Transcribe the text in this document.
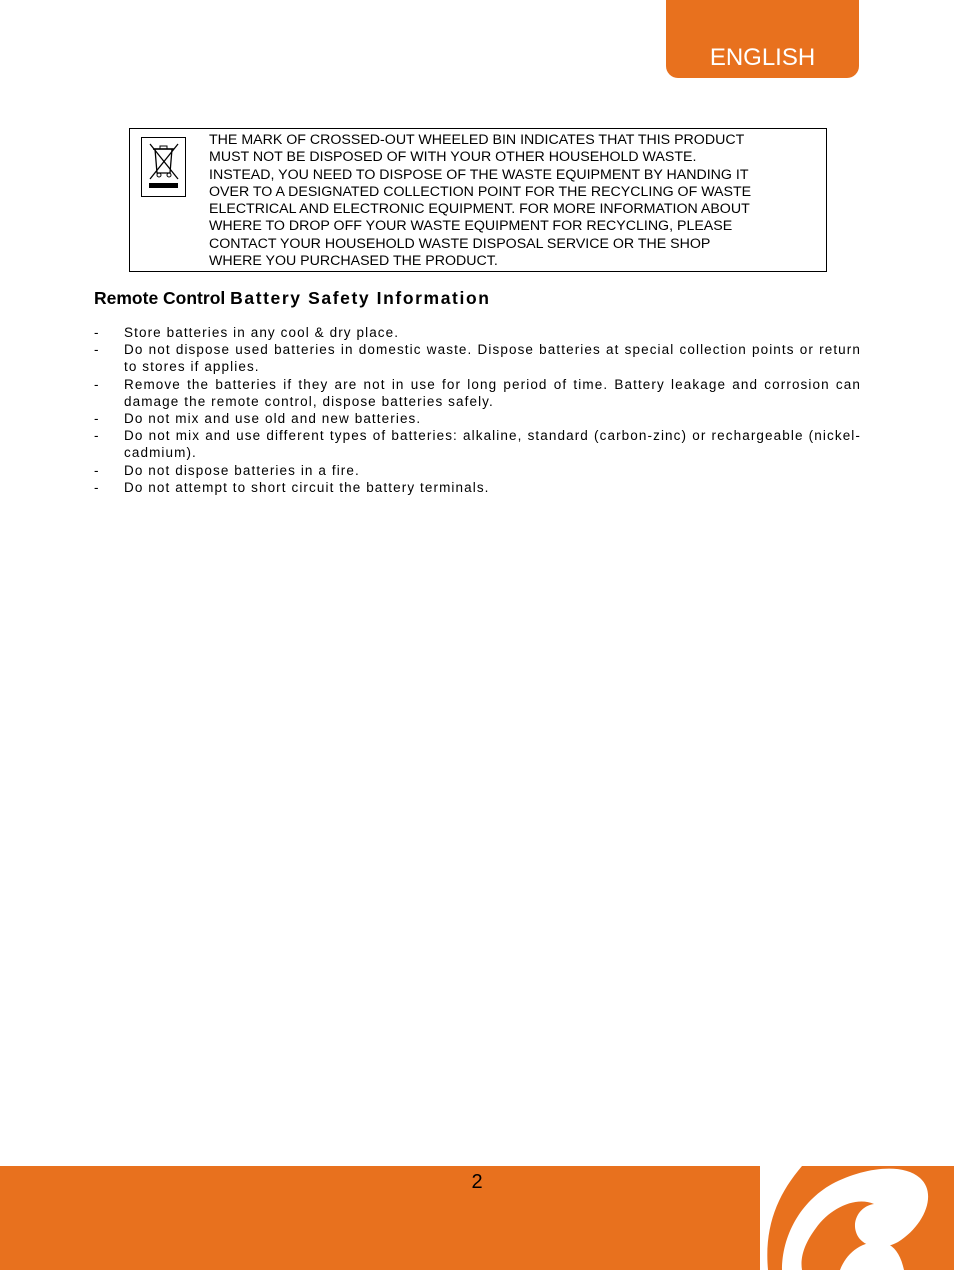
ENGLISH
THE MARK OF CROSSED-OUT WHEELED BIN INDICATES THAT THIS PRODUCT
MUST NOT BE DISPOSED OF WITH YOUR OTHER HOUSEHOLD WASTE.
INSTEAD, YOU NEED TO DISPOSE OF THE WASTE EQUIPMENT BY HANDING IT
OVER TO A DESIGNATED COLLECTION POINT FOR THE RECYCLING OF WASTE
ELECTRICAL AND ELECTRONIC EQUIPMENT. FOR MORE INFORMATION ABOUT
WHERE TO DROP OFF YOUR WASTE EQUIPMENT FOR RECYCLING, PLEASE
CONTACT YOUR HOUSEHOLD WASTE DISPOSAL SERVICE OR THE SHOP
WHERE YOU PURCHASED THE PRODUCT.
Remote Control Battery Safety Information
- Store batteries in any cool & dry place.
- Do not dispose used batteries in domestic waste. Dispose batteries at special collection points or return to stores if applies.
- Remove the batteries if they are not in use for long period of time. Battery leakage and corrosion can damage the remote control, dispose batteries safely.
- Do not mix and use old and new batteries.
- Do not mix and use different types of batteries: alkaline, standard (carbon-zinc) or rechargeable (nickel-cadmium).
- Do not dispose batteries in a fire.
- Do not attempt to short circuit the battery terminals.
2
